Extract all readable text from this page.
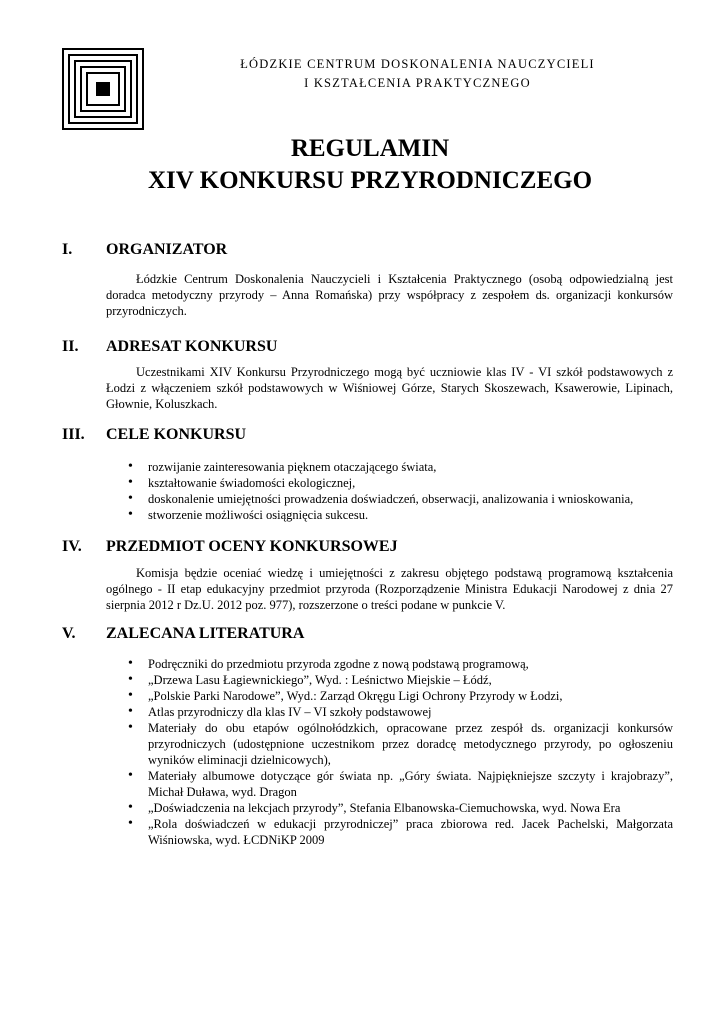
ŁÓDZKIE CENTRUM DOSKONALENIA NAUCZYCIELI
I KSZTAŁCENIA PRAKTYCZNEGO
REGULAMIN
XIV KONKURSU PRZYRODNICZEGO
I. ORGANIZATOR
Łódzkie Centrum Doskonalenia Nauczycieli i Kształcenia Praktycznego (osobą odpowiedzialną jest doradca metodyczny przyrody – Anna Romańska) przy współpracy z zespołem ds. organizacji konkursów przyrodniczych.
II. ADRESAT KONKURSU
Uczestnikami XIV Konkursu Przyrodniczego mogą być uczniowie klas IV - VI szkół podstawowych z Łodzi z włączeniem szkół podstawowych w Wiśniowej Górze, Starych Skoszewach, Ksawerowie, Lipinach, Głownie, Koluszkach.
III. CELE KONKURSU
• rozwijanie zainteresowania pięknem otaczającego świata,
• kształtowanie świadomości ekologicznej,
• doskonalenie umiejętności prowadzenia doświadczeń, obserwacji, analizowania i wnioskowania,
• stworzenie możliwości osiągnięcia sukcesu.
IV. PRZEDMIOT OCENY KONKURSOWEJ
Komisja będzie oceniać wiedzę i umiejętności z zakresu objętego podstawą programową kształcenia ogólnego - II etap edukacyjny przedmiot przyroda (Rozporządzenie Ministra Edukacji Narodowej z dnia 27 sierpnia 2012 r Dz.U. 2012 poz. 977), rozszerzone o treści podane w punkcie V.
V. ZALECANA LITERATURA
• Podręczniki do przedmiotu przyroda zgodne z nową podstawą programową,
• „Drzewa Lasu Łagiewnickiego”, Wyd. : Leśnictwo Miejskie – Łódź,
• „Polskie Parki Narodowe”, Wyd.: Zarząd Okręgu Ligi Ochrony Przyrody w Łodzi,
• Atlas przyrodniczy dla klas IV – VI szkoły podstawowej
• Materiały do obu etapów ogólnołódzkich, opracowane przez zespół ds. organizacji konkursów przyrodniczych (udostępnione uczestnikom przez doradcę metodycznego przyrody, po ogłoszeniu wyników eliminacji dzielnicowych),
• Materiały albumowe dotyczące gór świata np. „Góry świata. Najpiękniejsze szczyty i krajobrazy”, Michał Duława, wyd. Dragon
• „Doświadczenia na lekcjach przyrody”, Stefania Elbanowska-Ciemuchowska, wyd. Nowa Era
• „Rola doświadczeń w edukacji przyrodniczej” praca zbiorowa red. Jacek Pachelski, Małgorzata Wiśniowska, wyd. ŁCDNiKP 2009
